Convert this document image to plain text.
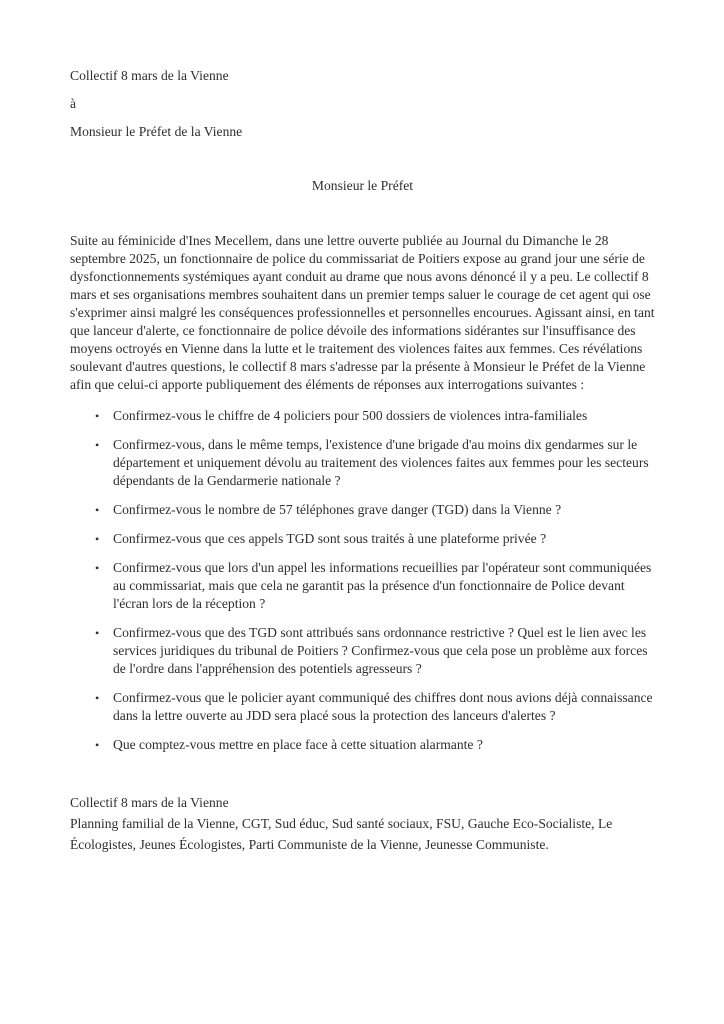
Collectif 8 mars de la Vienne

à

Monsieur le Préfet de la Vienne

Monsieur le Préfet

Suite au féminicide d'Ines Mecellem, dans une lettre ouverte publiée au Journal du Dimanche le 28 septembre 2025, un fonctionnaire de police du commissariat de Poitiers expose au grand jour une série de dysfonctionnements systémiques ayant conduit au drame que nous avons dénoncé il y a peu. Le collectif 8 mars et ses organisations membres souhaitent dans un premier temps saluer le courage de cet agent qui ose s'exprimer ainsi malgré les conséquences professionnelles et personnelles encourues. Agissant ainsi, en tant que lanceur d'alerte, ce fonctionnaire de police dévoile des informations sidérantes sur l'insuffisance des moyens octroyés en Vienne dans la lutte et le traitement des violences faites aux femmes. Ces révélations soulevant d'autres questions, le collectif 8 mars s'adresse par la présente à Monsieur le Préfet de la Vienne afin que celui-ci apporte publiquement des éléments de réponses aux interrogations suivantes :

•	Confirmez-vous le chiffre de 4 policiers pour 500 dossiers de violences intra-familiales
•	Confirmez-vous, dans le même temps, l'existence d'une brigade d'au moins dix gendarmes sur le département et uniquement dévolu au traitement des violences faites aux femmes pour les secteurs dépendants de la Gendarmerie nationale ?
•	Confirmez-vous le nombre de 57 téléphones grave danger (TGD) dans la Vienne ?
•	Confirmez-vous que ces appels TGD sont sous traités à une plateforme privée ?
•	Confirmez-vous que lors d'un appel les informations recueillies par l'opérateur sont communiquées au commissariat, mais que cela ne garantit pas la présence d'un fonctionnaire de Police devant l'écran lors de la réception ?
•	Confirmez-vous que des TGD sont attribués sans ordonnance restrictive ? Quel est le lien avec les services juridiques du tribunal de Poitiers ? Confirmez-vous que cela pose un problème aux forces de l'ordre dans l'appréhension des potentiels agresseurs ?
•	Confirmez-vous que le policier ayant communiqué des chiffres dont nous avions déjà connaissance dans la lettre ouverte au JDD sera placé sous la protection des lanceurs d'alertes ?
•	Que comptez-vous mettre en place face à cette situation alarmante ?

Collectif 8 mars de la Vienne

Planning familial de la Vienne, CGT, Sud éduc, Sud santé sociaux, FSU, Gauche Eco-Socialiste, Le Écologistes, Jeunes Écologistes, Parti Communiste de la Vienne, Jeunesse Communiste.
